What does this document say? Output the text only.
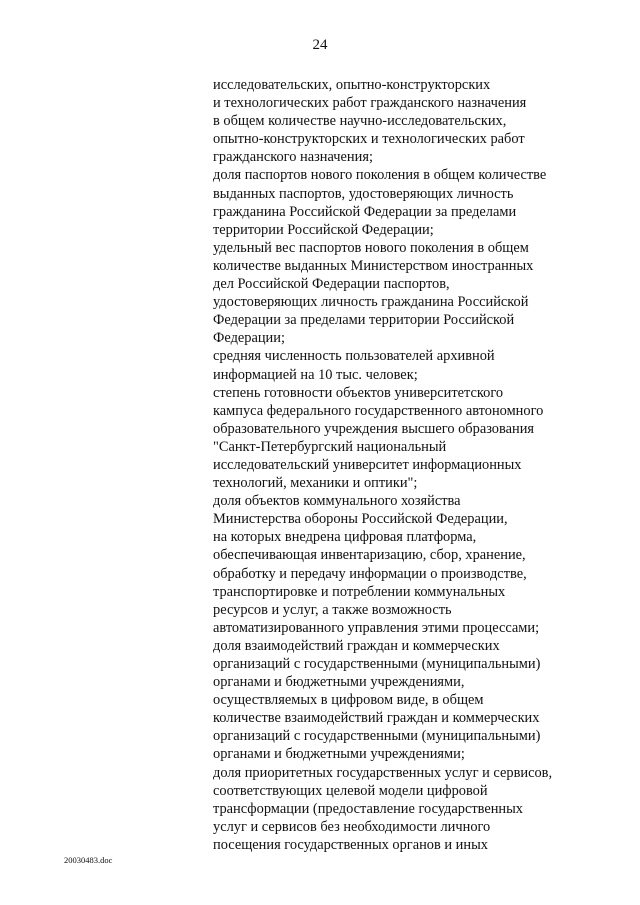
24
исследовательских, опытно-конструкторских
и технологических работ гражданского назначения
в общем количестве научно-исследовательских,
опытно-конструкторских и технологических работ
гражданского назначения;
доля паспортов нового поколения в общем количестве
выданных паспортов, удостоверяющих личность
гражданина Российской Федерации за пределами
территории Российской Федерации;
удельный вес паспортов нового поколения в общем
количестве выданных Министерством иностранных
дел Российской Федерации паспортов,
удостоверяющих личность гражданина Российской
Федерации за пределами территории Российской
Федерации;
средняя численность пользователей архивной
информацией на 10 тыс. человек;
степень готовности объектов университетского
кампуса федерального государственного автономного
образовательного учреждения высшего образования
"Санкт-Петербургский национальный
исследовательский университет информационных
технологий, механики и оптики";
доля объектов коммунального хозяйства
Министерства обороны Российской Федерации,
на которых внедрена цифровая платформа,
обеспечивающая инвентаризацию, сбор, хранение,
обработку и передачу информации о производстве,
транспортировке и потреблении коммунальных
ресурсов и услуг, а также возможность
автоматизированного управления этими процессами;
доля взаимодействий граждан и коммерческих
организаций с государственными (муниципальными)
органами и бюджетными учреждениями,
осуществляемых в цифровом виде, в общем
количестве взаимодействий граждан и коммерческих
организаций с государственными (муниципальными)
органами и бюджетными учреждениями;
доля приоритетных государственных услуг и сервисов,
соответствующих целевой модели цифровой
трансформации (предоставление государственных
услуг и сервисов без необходимости личного
посещения государственных органов и иных
20030483.doc
